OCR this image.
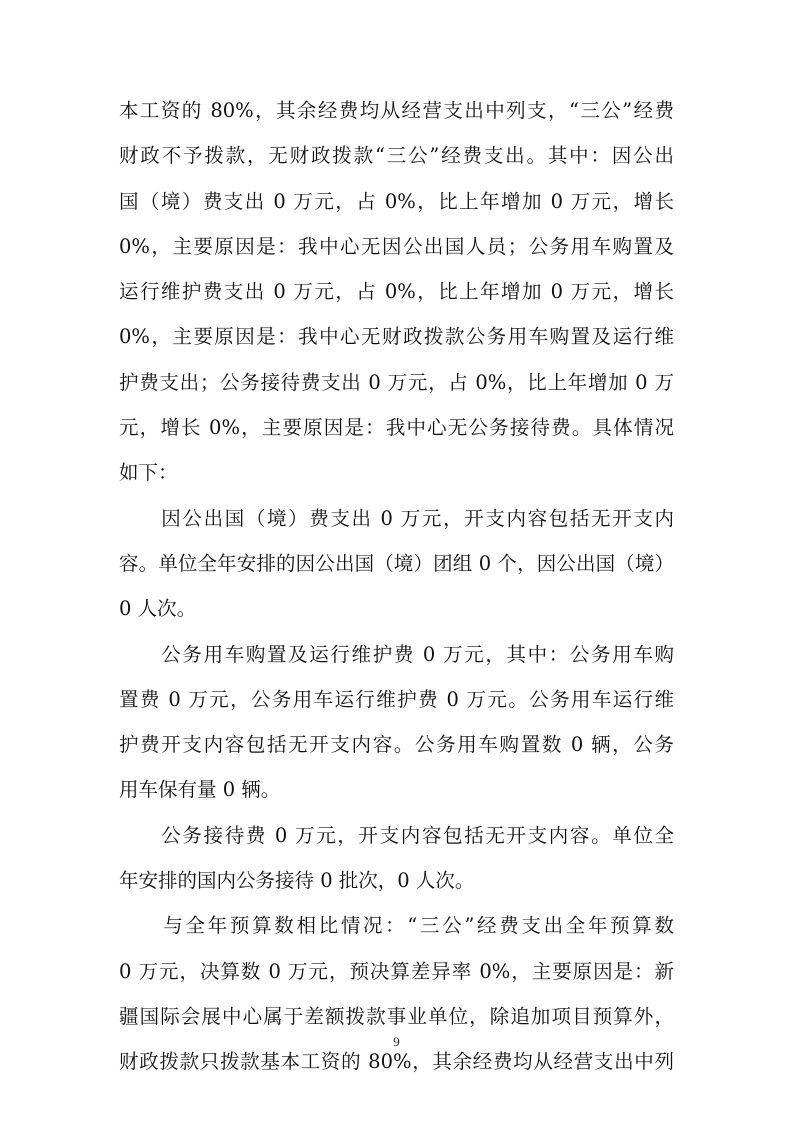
本工资的 80%，其余经费均从经营支出中列支，“三公”经费
财政不予拨款，无财政拨款“三公”经费支出。其中：因公出
国（境）费支出 0 万元，占 0%，比上年增加 0 万元，增长
0%，主要原因是：我中心无因公出国人员；公务用车购置及
运行维护费支出 0 万元，占 0%，比上年增加 0 万元，增长
0%，主要原因是：我中心无财政拨款公务用车购置及运行维
护费支出；公务接待费支出 0 万元，占 0%，比上年增加 0 万
元，增长 0%，主要原因是：我中心无公务接待费。具体情况
如下：
　　因公出国（境）费支出 0 万元，开支内容包括无开支内
容。单位全年安排的因公出国（境）团组 0 个，因公出国（境）
0 人次。
　　公务用车购置及运行维护费 0 万元，其中：公务用车购
置费 0 万元，公务用车运行维护费 0 万元。公务用车运行维
护费开支内容包括无开支内容。公务用车购置数 0 辆，公务
用车保有量 0 辆。
　　公务接待费 0 万元，开支内容包括无开支内容。单位全
年安排的国内公务接待 0 批次，0 人次。
　　与全年预算数相比情况：“三公”经费支出全年预算数
0 万元，决算数 0 万元，预决算差异率 0%，主要原因是：新
疆国际会展中心属于差额拨款事业单位，除追加项目预算外，
财政拨款只拨款基本工资的 80%，其余经费均从经营支出中列
9
